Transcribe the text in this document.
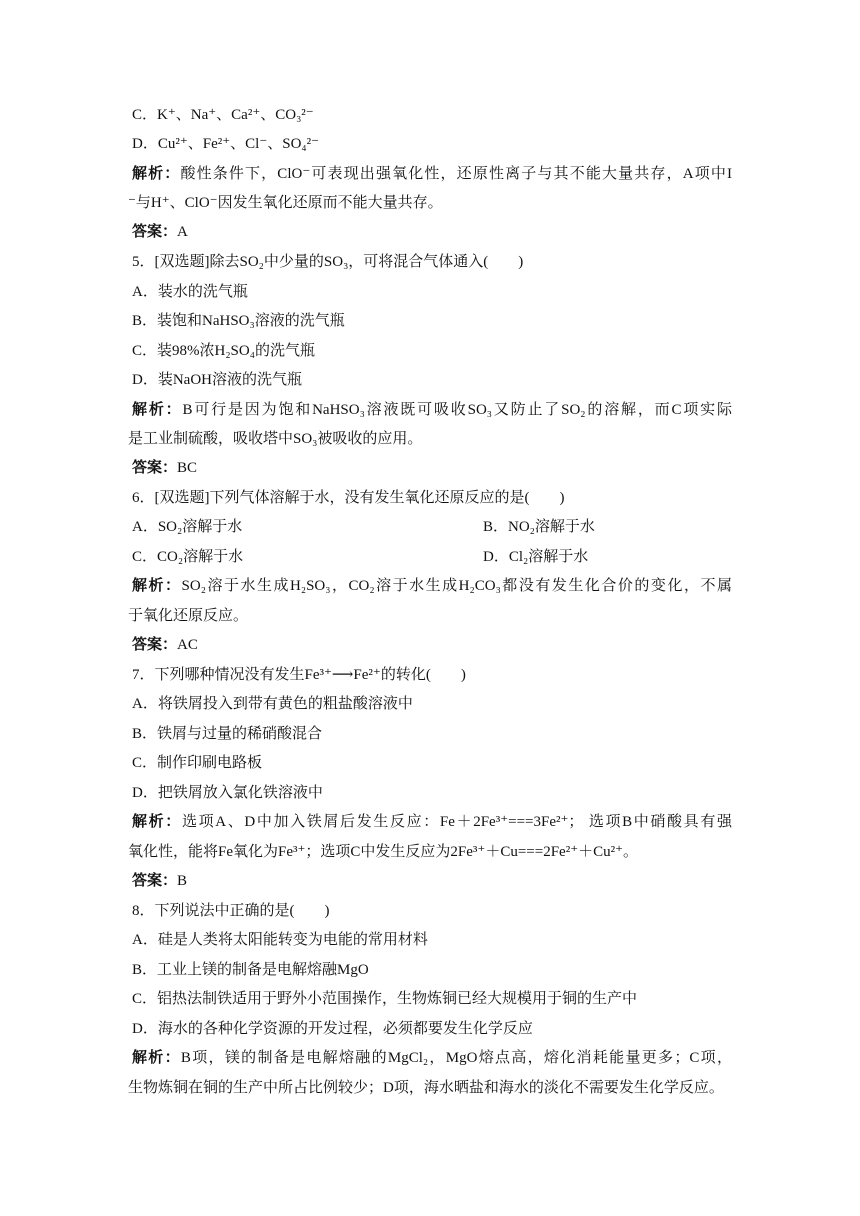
C．K⁺、Na⁺、Ca²⁺、CO₃²⁻
D．Cu²⁺、Fe²⁺、Cl⁻、SO₄²⁻
解析：酸性条件下，ClO⁻可表现出强氧化性，还原性离子与其不能大量共存，A项中I
⁻与H⁺、ClO⁻因发生氧化还原而不能大量共存。
答案：A
5．[双选题]除去SO₂中少量的SO₃，可将混合气体通入(　　)
A．装水的洗气瓶
B．装饱和NaHSO₃溶液的洗气瓶
C．装98%浓H₂SO₄的洗气瓶
D．装NaOH溶液的洗气瓶
解析：B可行是因为饱和NaHSO₃溶液既可吸收SO₃又防止了SO₂的溶解，而C项实际
是工业制硫酸，吸收塔中SO₃被吸收的应用。
答案：BC
6．[双选题]下列气体溶解于水，没有发生氧化还原反应的是(　　)
A．SO₂溶解于水	B．NO₂溶解于水
C．CO₂溶解于水	D．Cl₂溶解于水
解析：SO₂溶于水生成H₂SO₃，CO₂溶于水生成H₂CO₃都没有发生化合价的变化，不属
于氧化还原反应。
答案：AC
7．下列哪种情况没有发生Fe³⁺⟶Fe²⁺的转化(　　)
A．将铁屑投入到带有黄色的粗盐酸溶液中
B．铁屑与过量的稀硝酸混合
C．制作印刷电路板
D．把铁屑放入氯化铁溶液中
解析：选项A、D中加入铁屑后发生反应：Fe＋2Fe³⁺===3Fe²⁺； 选项B中硝酸具有强
氧化性，能将Fe氧化为Fe³⁺；选项C中发生反应为2Fe³⁺＋Cu===2Fe²⁺＋Cu²⁺。
答案：B
8．下列说法中正确的是(　　)
A．硅是人类将太阳能转变为电能的常用材料
B．工业上镁的制备是电解熔融MgO
C．铝热法制铁适用于野外小范围操作，生物炼铜已经大规模用于铜的生产中
D．海水的各种化学资源的开发过程，必须都要发生化学反应
解析：B项，镁的制备是电解熔融的MgCl₂，MgO熔点高，熔化消耗能量更多；C项，
生物炼铜在铜的生产中所占比例较少；D项，海水晒盐和海水的淡化不需要发生化学反应。
